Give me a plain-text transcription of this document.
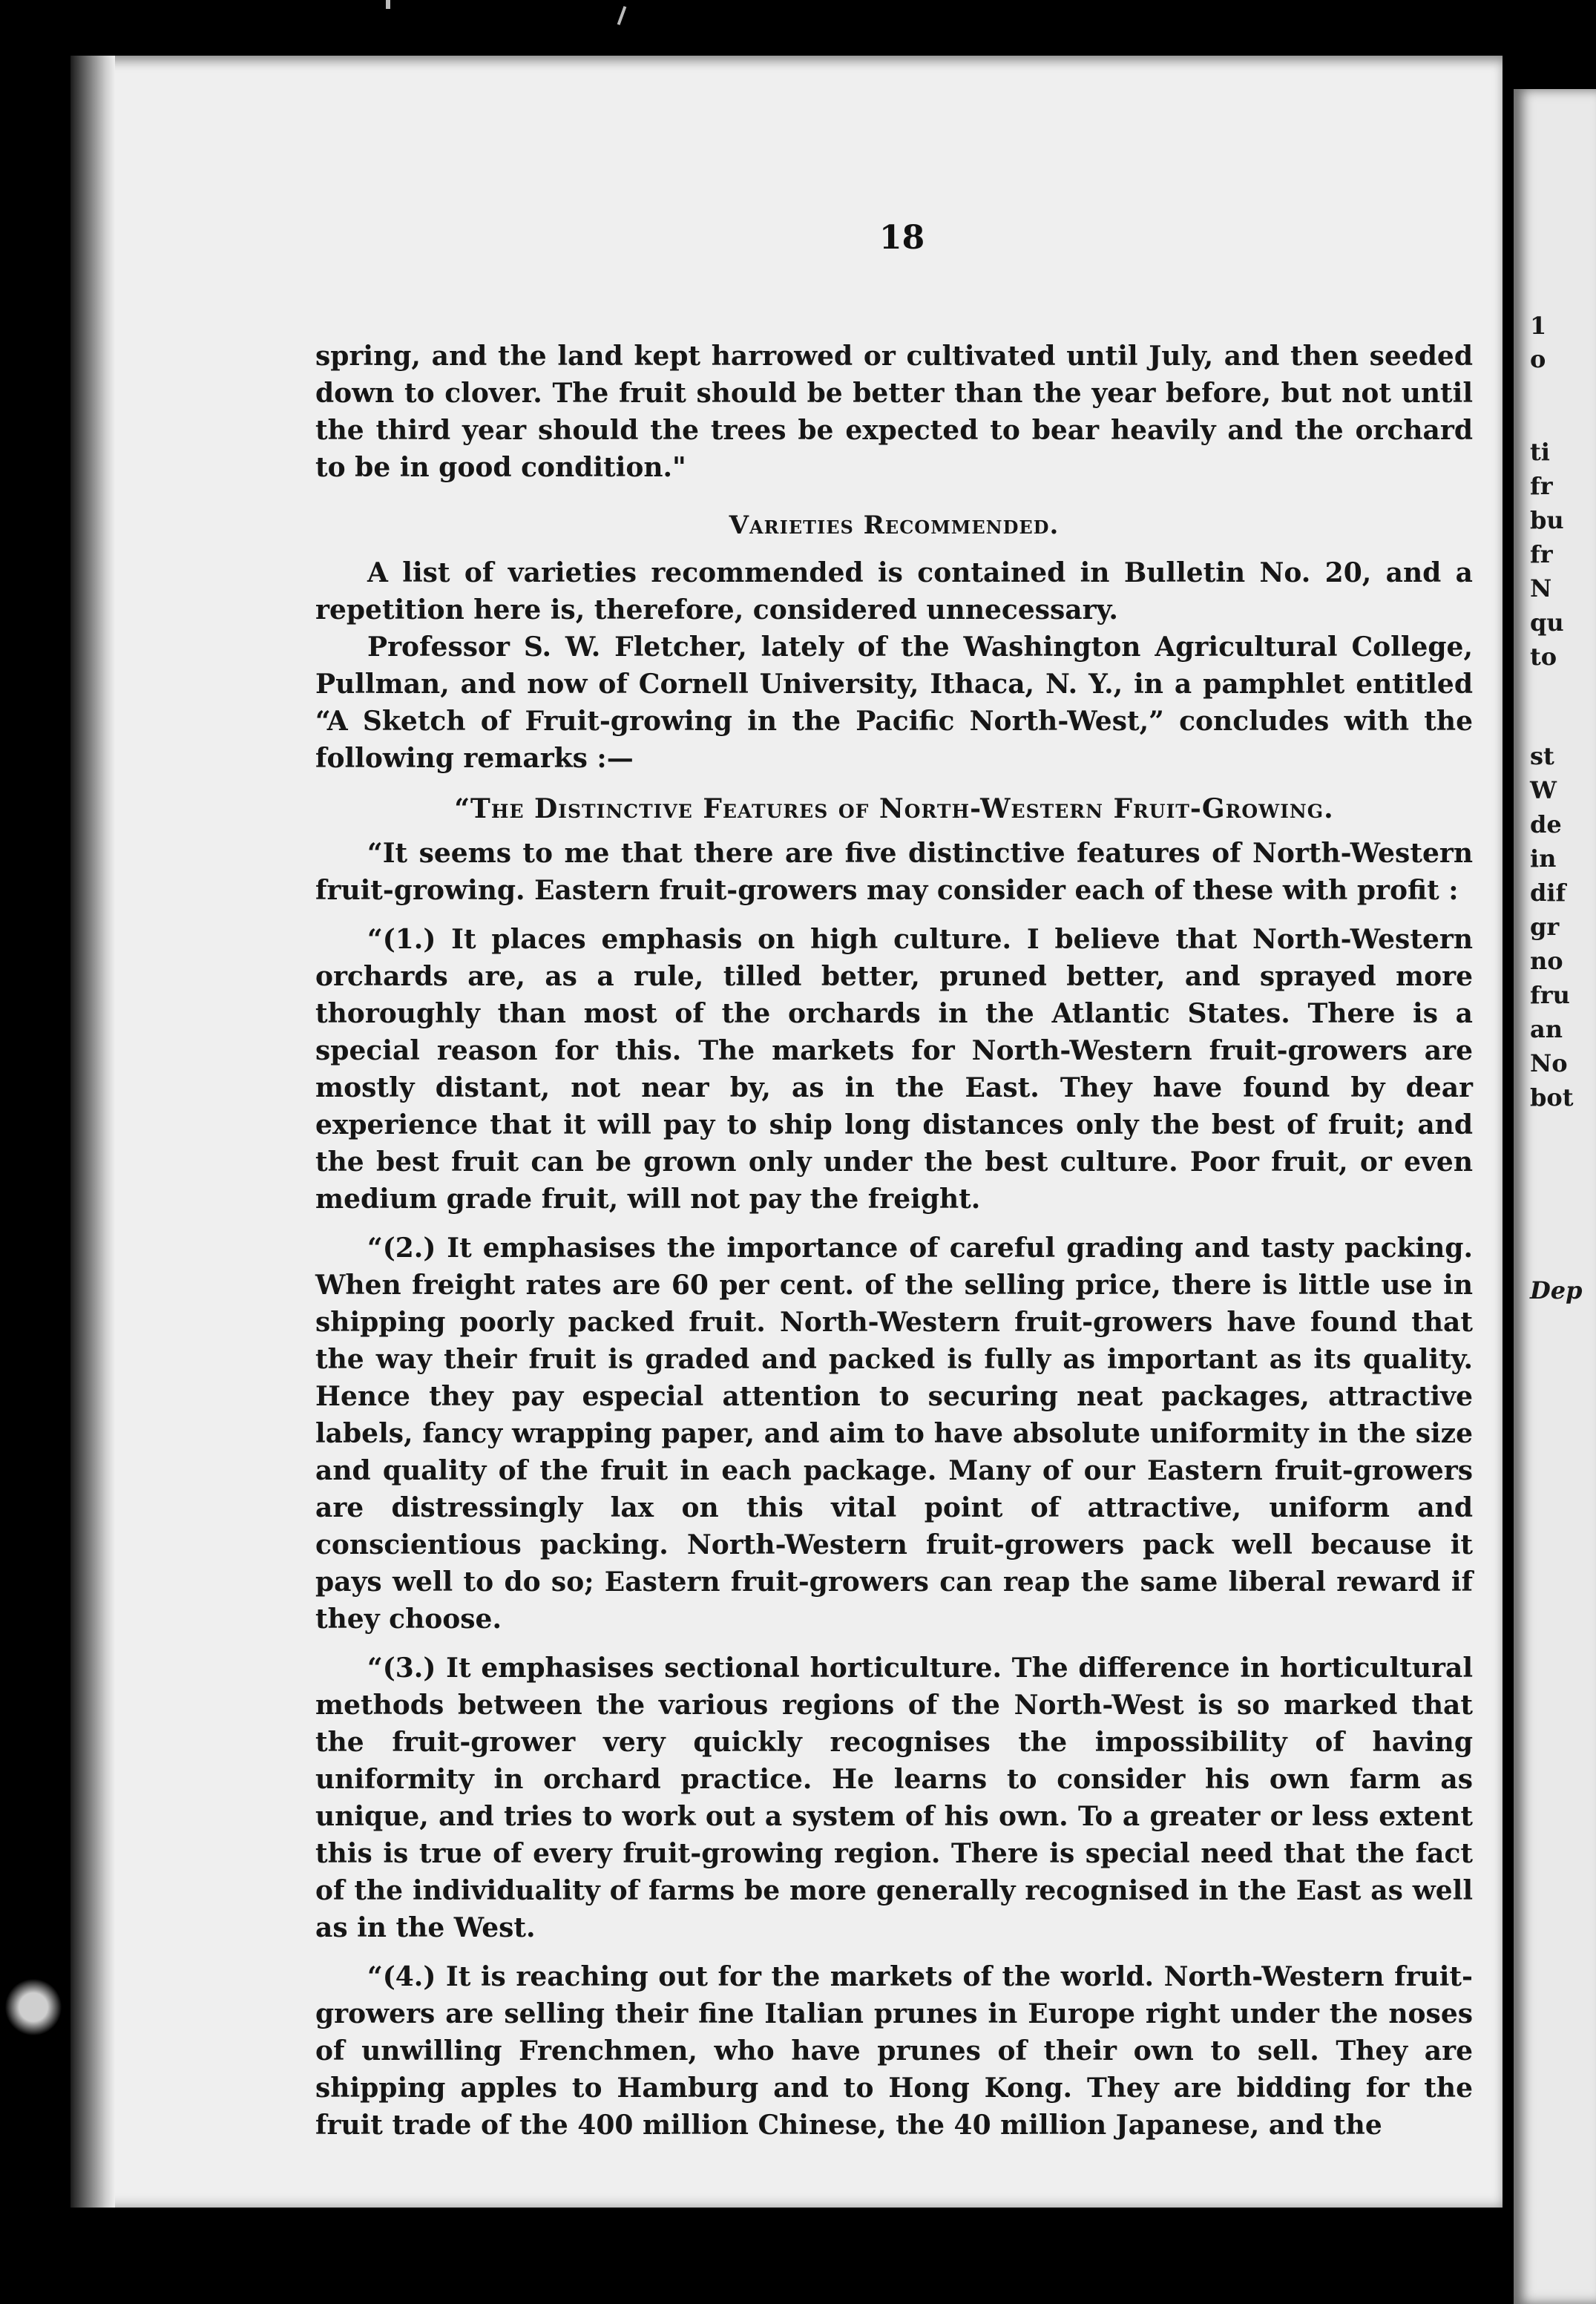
18

spring, and the land kept harrowed or cultivated until July, and then seeded down to clover. The fruit should be better than the year before, but not until the third year should the trees be expected to bear heavily and the orchard to be in good condition."

Varieties Recommended.

A list of varieties recommended is contained in Bulletin No. 20, and a repetition here is, therefore, considered unnecessary.

Professor S. W. Fletcher, lately of the Washington Agricultural College, Pullman, and now of Cornell University, Ithaca, N. Y., in a pamphlet entitled “A Sketch of Fruit-growing in the Pacific North-West,” concludes with the following remarks :—

“The Distinctive Features of North-Western Fruit-Growing.

“It seems to me that there are five distinctive features of North-Western fruit-growing. Eastern fruit-growers may consider each of these with profit :

“(1.) It places emphasis on high culture. I believe that North-Western orchards are, as a rule, tilled better, pruned better, and sprayed more thoroughly than most of the orchards in the Atlantic States. There is a special reason for this. The markets for North-Western fruit-growers are mostly distant, not near by, as in the East. They have found by dear experience that it will pay to ship long distances only the best of fruit; and the best fruit can be grown only under the best culture. Poor fruit, or even medium grade fruit, will not pay the freight.

“(2.) It emphasises the importance of careful grading and tasty packing. When freight rates are 60 per cent. of the selling price, there is little use in shipping poorly packed fruit. North-Western fruit-growers have found that the way their fruit is graded and packed is fully as important as its quality. Hence they pay especial attention to securing neat packages, attractive labels, fancy wrapping paper, and aim to have absolute uniformity in the size and quality of the fruit in each package. Many of our Eastern fruit-growers are distressingly lax on this vital point of attractive, uniform and conscientious packing. North-Western fruit-growers pack well because it pays well to do so; Eastern fruit-growers can reap the same liberal reward if they choose.

“(3.) It emphasises sectional horticulture. The difference in horticultural methods between the various regions of the North-West is so marked that the fruit-grower very quickly recognises the impossibility of having uniformity in orchard practice. He learns to consider his own farm as unique, and tries to work out a system of his own. To a greater or less extent this is true of every fruit-growing region. There is special need that the fact of the individuality of farms be more generally recognised in the East as well as in the West.

“(4.) It is reaching out for the markets of the world. North-Western fruit-growers are selling their fine Italian prunes in Europe right under the noses of unwilling Frenchmen, who have prunes of their own to sell. They are shipping apples to Hamburg and to Hong Kong. They are bidding for the fruit trade of the 400 million Chinese, the 40 million Japanese, and the

1
o
ti
fr
bu
fr
N
qu
to
st
W
de
in
dif
gr
no
fru
an
No
bot
Dep
